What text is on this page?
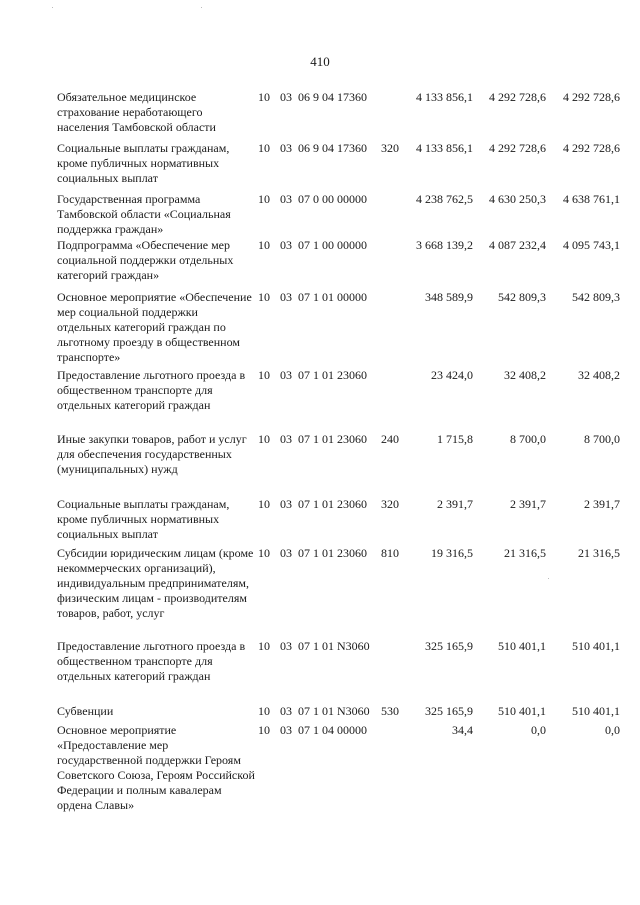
410
Обязательное медицинское страхование неработающего населения Тамбовской области
10 03 06 9 04 17360	4 133 856,1	4 292 728,6	4 292 728,6
Социальные выплаты гражданам, кроме публичных нормативных социальных выплат
10 03 06 9 04 17360	320	4 133 856,1	4 292 728,6	4 292 728,6
Государственная программа Тамбовской области «Социальная поддержка граждан»
10 03 07 0 00 00000	4 238 762,5	4 630 250,3	4 638 761,1
Подпрограмма «Обеспечение мер социальной поддержки отдельных категорий граждан»
10 03 07 1 00 00000	3 668 139,2	4 087 232,4	4 095 743,1
Основное мероприятие «Обеспечение мер социальной поддержки отдельных категорий граждан по льготному проезду в общественном транспорте»
10 03 07 1 01 00000	348 589,9	542 809,3	542 809,3
Предоставление льготного проезда в общественном транспорте для отдельных категорий граждан
10 03 07 1 01 23060	23 424,0	32 408,2	32 408,2
Иные закупки товаров, работ и услуг для обеспечения государственных (муниципальных) нужд
10 03 07 1 01 23060	240	1 715,8	8 700,0	8 700,0
Социальные выплаты гражданам, кроме публичных нормативных социальных выплат
10 03 07 1 01 23060	320	2 391,7	2 391,7	2 391,7
Субсидии юридическим лицам (кроме некоммерческих организаций), индивидуальным предпринимателям, физическим лицам - производителям товаров, работ, услуг
10 03 07 1 01 23060	810	19 316,5	21 316,5	21 316,5
Предоставление льготного проезда в общественном транспорте для отдельных категорий граждан
10 03 07 1 01 N3060	325 165,9	510 401,1	510 401,1
Субвенции	10 03 07 1 01 N3060 530	325 165,9	510 401,1	510 401,1
Основное мероприятие «Предоставление мер государственной поддержки Героям Советского Союза, Героям Российской Федерации и полным кавалерам ордена Славы»
10 03 07 1 04 00000	34,4	0,0	0,0
